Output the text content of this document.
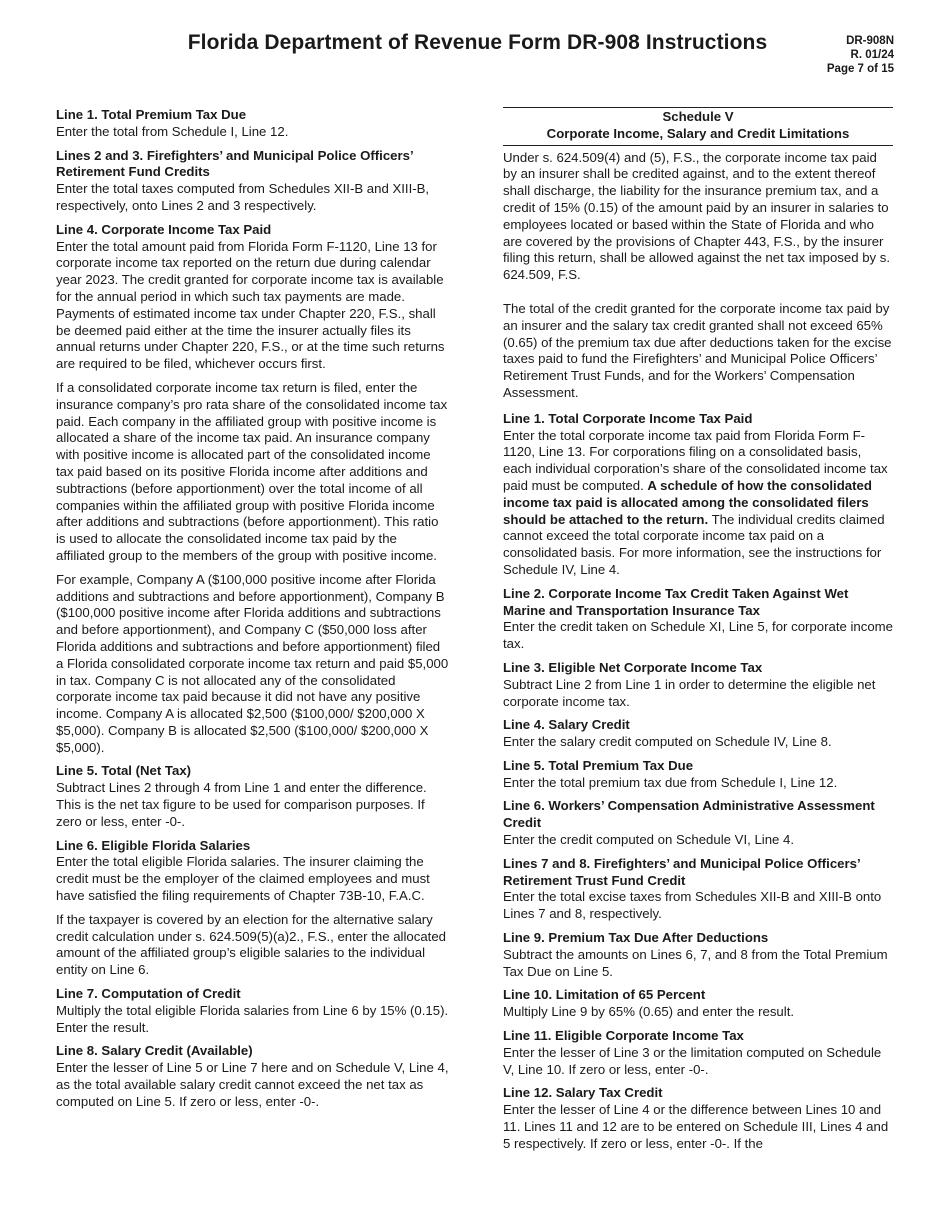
Florida Department of Revenue Form DR-908 Instructions	DR-908N
R. 01/24
Page 7 of 15
Line 1. Total Premium Tax Due

Enter the total from Schedule I, Line 12.

Lines 2 and 3. Firefighters’ and Municipal Police Officers’ Retirement Fund Credits

Enter the total taxes computed from Schedules XII-B and XIII-B, respectively, onto Lines 2 and 3 respectively.

Line 4. Corporate Income Tax Paid

Enter the total amount paid from Florida Form F-1120, Line 13 for corporate income tax reported on the return due during calendar year 2023. The credit granted for corporate income tax is available for the annual period in which such tax payments are made. Payments of estimated income tax under Chapter 220, F.S., shall be deemed paid either at the time the insurer actually files its annual returns under Chapter 220, F.S., or at the time such returns are required to be filed, whichever occurs first.

If a consolidated corporate income tax return is filed, enter the insurance company’s pro rata share of the consolidated income tax paid. Each company in the affiliated group with positive income is allocated a share of the income tax paid. An insurance company with positive income is allocated part of the consolidated income tax paid based on its positive Florida income after additions and subtractions (before apportionment) over the total income of all companies within the affiliated group with positive Florida income after additions and subtractions (before apportionment). This ratio is used to allocate the consolidated income tax paid by the affiliated group to the members of the group with positive income.

For example, Company A ($100,000 positive income after Florida additions and subtractions and before apportionment), Company B ($100,000 positive income after Florida additions and subtractions and before apportionment), and Company C ($50,000 loss after Florida additions and subtractions and before apportionment) filed a Florida consolidated corporate income tax return and paid $5,000 in tax. Company C is not allocated any of the consolidated corporate income tax paid because it did not have any positive income. Company A is allocated $2,500 ($100,000/ $200,000 X $5,000). Company B is allocated $2,500 ($100,000/ $200,000 X $5,000).

Line 5. Total (Net Tax)

Subtract Lines 2 through 4 from Line 1 and enter the difference. This is the net tax figure to be used for comparison purposes. If zero or less, enter -0-.

Line 6. Eligible Florida Salaries

Enter the total eligible Florida salaries. The insurer claiming the credit must be the employer of the claimed employees and must have satisfied the filing requirements of Chapter 73B-10, F.A.C.

If the taxpayer is covered by an election for the alternative salary credit calculation under s. 624.509(5)(a)2., F.S., enter the allocated amount of the affiliated group’s eligible salaries to the individual entity on Line 6.

Line 7. Computation of Credit

Multiply the total eligible Florida salaries from Line 6 by 15% (0.15). Enter the result.

Line 8. Salary Credit (Available)

Enter the lesser of Line 5 or Line 7 here and on Schedule V, Line 4, as the total available salary credit cannot exceed the net tax as computed on Line 5. If zero or less, enter -0-.

Schedule V
Corporate Income, Salary and Credit Limitations

Under s. 624.509(4) and (5), F.S., the corporate income tax paid by an insurer shall be credited against, and to the extent thereof shall discharge, the liability for the insurance premium tax, and a credit of 15% (0.15) of the amount paid by an insurer in salaries to employees located or based within the State of Florida and who are covered by the provisions of Chapter 443, F.S., by the insurer filing this return, shall be allowed against the net tax imposed by s. 624.509, F.S.

The total of the credit granted for the corporate income tax paid by an insurer and the salary tax credit granted shall not exceed 65% (0.65) of the premium tax due after deductions taken for the excise taxes paid to fund the Firefighters’ and Municipal Police Officers’ Retirement Trust Funds, and for the Workers’ Compensation Assessment.

Line 1. Total Corporate Income Tax Paid

Enter the total corporate income tax paid from Florida Form F-1120, Line 13. For corporations filing on a consolidated basis, each individual corporation’s share of the consolidated income tax paid must be computed. A schedule of how the consolidated income tax paid is allocated among the consolidated filers should be attached to the return. The individual credits claimed cannot exceed the total corporate income tax paid on a consolidated basis. For more information, see the instructions for Schedule IV, Line 4.

Line 2. Corporate Income Tax Credit Taken Against Wet Marine and Transportation Insurance Tax

Enter the credit taken on Schedule XI, Line 5, for corporate income tax.

Line 3. Eligible Net Corporate Income Tax

Subtract Line 2 from Line 1 in order to determine the eligible net corporate income tax.

Line 4. Salary Credit

Enter the salary credit computed on Schedule IV, Line 8.

Line 5. Total Premium Tax Due

Enter the total premium tax due from Schedule I, Line 12.

Line 6. Workers’ Compensation Administrative Assessment Credit

Enter the credit computed on Schedule VI, Line 4.

Lines 7 and 8. Firefighters’ and Municipal Police Officers’ Retirement Trust Fund Credit

Enter the total excise taxes from Schedules XII-B and XIII-B onto Lines 7 and 8, respectively.

Line 9. Premium Tax Due After Deductions

Subtract the amounts on Lines 6, 7, and 8 from the Total Premium Tax Due on Line 5.

Line 10. Limitation of 65 Percent

Multiply Line 9 by 65% (0.65) and enter the result.

Line 11. Eligible Corporate Income Tax

Enter the lesser of Line 3 or the limitation computed on Schedule V, Line 10. If zero or less, enter -0-.

Line 12. Salary Tax Credit

Enter the lesser of Line 4 or the difference between Lines 10 and 11. Lines 11 and 12 are to be entered on Schedule III, Lines 4 and 5 respectively. If zero or less, enter -0-. If the
